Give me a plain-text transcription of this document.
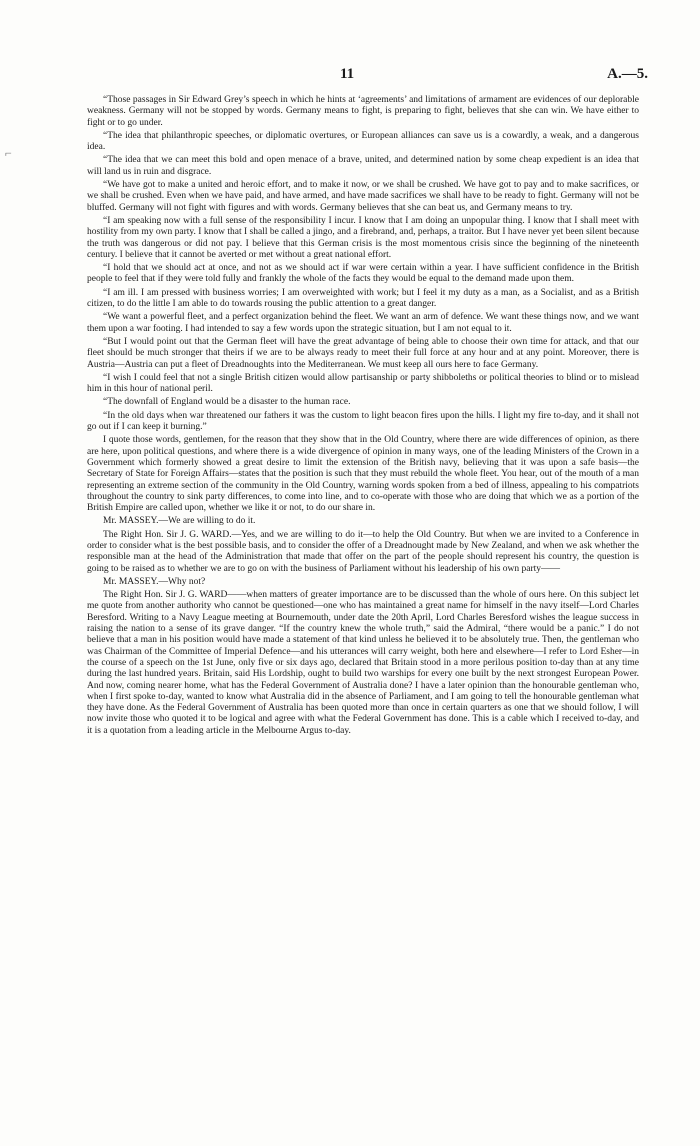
11	A.—5.
⌐

“Those passages in Sir Edward Grey’s speech in which he hints at ‘agreements’ and limitations of armament are evidences of our deplorable weakness. Germany will not be stopped by words. Germany means to fight, is preparing to fight, believes that she can win. We have either to fight or to go under.

“The idea that philanthropic speeches, or diplomatic overtures, or European alliances can save us is a cowardly, a weak, and a dangerous idea.

“The idea that we can meet this bold and open menace of a brave, united, and determined nation by some cheap expedient is an idea that will land us in ruin and disgrace.

“We have got to make a united and heroic effort, and to make it now, or we shall be crushed. We have got to pay and to make sacrifices, or we shall be crushed. Even when we have paid, and have armed, and have made sacrifices we shall have to be ready to fight. Germany will not be bluffed. Germany will not fight with figures and with words. Germany believes that she can beat us, and Germany means to try.

“I am speaking now with a full sense of the responsibility I incur. I know that I am doing an unpopular thing. I know that I shall meet with hostility from my own party. I know that I shall be called a jingo, and a firebrand, and, perhaps, a traitor. But I have never yet been silent because the truth was dangerous or did not pay. I believe that this German crisis is the most momentous crisis since the beginning of the nineteenth century. I believe that it cannot be averted or met without a great national effort.

“I hold that we should act at once, and not as we should act if war were certain within a year. I have sufficient confidence in the British people to feel that if they were told fully and frankly the whole of the facts they would be equal to the demand made upon them.

“I am ill. I am pressed with business worries; I am overweighted with work; but I feel it my duty as a man, as a Socialist, and as a British citizen, to do the little I am able to do towards rousing the public attention to a great danger.

“We want a powerful fleet, and a perfect organization behind the fleet. We want an arm of defence. We want these things now, and we want them upon a war footing. I had intended to say a few words upon the strategic situation, but I am not equal to it.

“But I would point out that the German fleet will have the great advantage of being able to choose their own time for attack, and that our fleet should be much stronger that theirs if we are to be always ready to meet their full force at any hour and at any point. Moreover, there is Austria—Austria can put a fleet of Dreadnoughts into the Mediterranean. We must keep all ours here to face Germany.

“I wish I could feel that not a single British citizen would allow partisanship or party shibboleths or political theories to blind or to mislead him in this hour of national peril.

“The downfall of England would be a disaster to the human race.

“In the old days when war threatened our fathers it was the custom to light beacon fires upon the hills. I light my fire to-day, and it shall not go out if I can keep it burning.”

I quote those words, gentlemen, for the reason that they show that in the Old Country, where there are wide differences of opinion, as there are here, upon political questions, and where there is a wide divergence of opinion in many ways, one of the leading Ministers of the Crown in a Government which formerly showed a great desire to limit the extension of the British navy, believing that it was upon a safe basis—the Secretary of State for Foreign Affairs—states that the position is such that they must rebuild the whole fleet. You hear, out of the mouth of a man representing an extreme section of the community in the Old Country, warning words spoken from a bed of illness, appealing to his compatriots throughout the country to sink party differences, to come into line, and to co-operate with those who are doing that which we as a portion of the British Empire are called upon, whether we like it or not, to do our share in.

Mr. MASSEY.—We are willing to do it.

The Right Hon. Sir J. G. WARD.—Yes, and we are willing to do it—to help the Old Country. But when we are invited to a Conference in order to consider what is the best possible basis, and to consider the offer of a Dreadnought made by New Zealand, and when we ask whether the responsible man at the head of the Administration that made that offer on the part of the people should represent his country, the question is going to be raised as to whether we are to go on with the business of Parliament without his leadership of his own party——

Mr. MASSEY.—Why not?

The Right Hon. Sir J. G. WARD——when matters of greater importance are to be discussed than the whole of ours here. On this subject let me quote from another authority who cannot be questioned—one who has maintained a great name for himself in the navy itself—Lord Charles Beresford. Writing to a Navy League meeting at Bournemouth, under date the 20th April, Lord Charles Beresford wishes the league success in raising the nation to a sense of its grave danger. “If the country knew the whole truth,” said the Admiral, “there would be a panic.” I do not believe that a man in his position would have made a statement of that kind unless he believed it to be absolutely true. Then, the gentleman who was Chairman of the Committee of Imperial Defence—and his utterances will carry weight, both here and elsewhere—I refer to Lord Esher—in the course of a speech on the 1st June, only five or six days ago, declared that Britain stood in a more perilous position to-day than at any time during the last hundred years. Britain, said His Lordship, ought to build two warships for every one built by the next strongest European Power. And now, coming nearer home, what has the Federal Government of Australia done? I have a later opinion than the honourable gentleman who, when I first spoke to-day, wanted to know what Australia did in the absence of Parliament, and I am going to tell the honourable gentleman what they have done. As the Federal Government of Australia has been quoted more than once in certain quarters as one that we should follow, I will now invite those who quoted it to be logical and agree with what the Federal Government has done. This is a cable which I received to-day, and it is a quotation from a leading article in the Melbourne Argus to-day.
